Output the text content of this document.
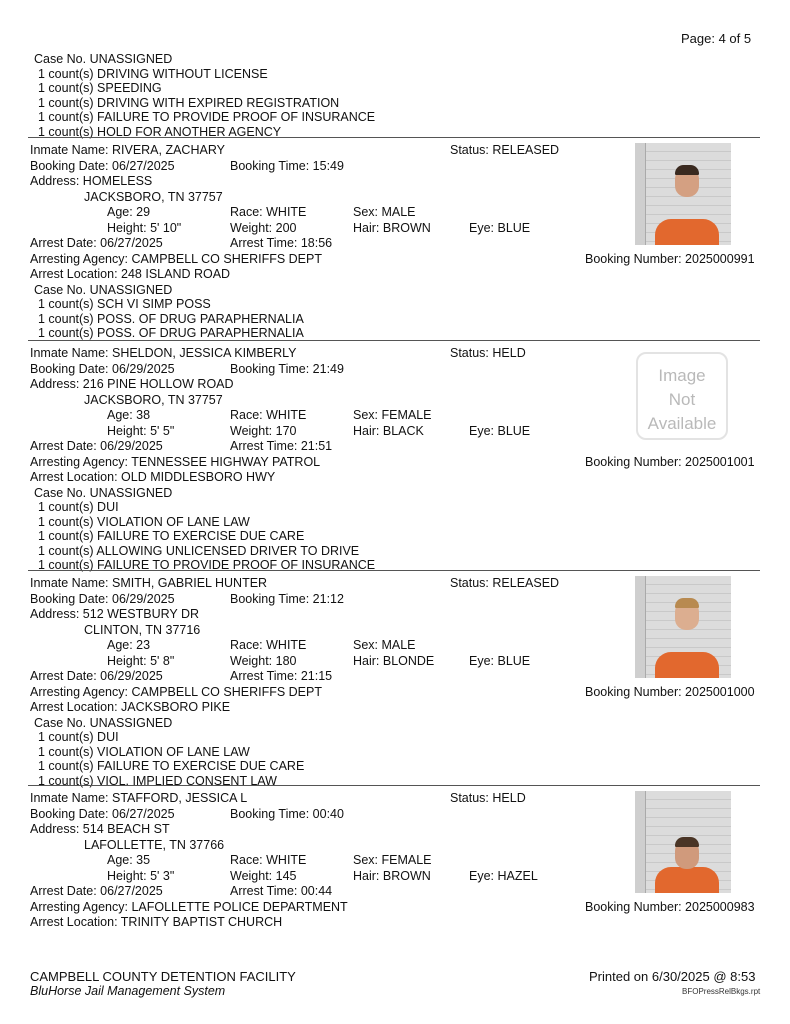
Page: 4 of 5
Case No. UNASSIGNED
1 count(s) DRIVING WITHOUT LICENSE
1 count(s) SPEEDING
1 count(s) DRIVING WITH EXPIRED REGISTRATION
1 count(s) FAILURE TO PROVIDE PROOF OF INSURANCE
1 count(s) HOLD FOR ANOTHER AGENCY
Inmate Name: RIVERA, ZACHARY	Status: RELEASED
Booking Date: 06/27/2025	Booking Time: 15:49
Address: HOMELESS
JACKSBORO, TN 37757
Age: 29	Race: WHITE	Sex: MALE
Height: 5' 10"	Weight: 200	Hair: BROWN	Eye: BLUE
Arrest Date: 06/27/2025	Arrest Time: 18:56
Arresting Agency: CAMPBELL CO SHERIFFS DEPT	Booking Number: 2025000991
Arrest Location: 248 ISLAND ROAD
Case No. UNASSIGNED
1 count(s) SCH VI SIMP POSS
1 count(s) POSS. OF DRUG PARAPHERNALIA
1 count(s) POSS. OF DRUG PARAPHERNALIA
Inmate Name: SHELDON, JESSICA KIMBERLY	Status: HELD
Booking Date: 06/29/2025	Booking Time: 21:49
Address: 216 PINE HOLLOW ROAD
JACKSBORO, TN 37757
Age: 38	Race: WHITE	Sex: FEMALE
Height: 5' 5"	Weight: 170	Hair: BLACK	Eye: BLUE
Arrest Date: 06/29/2025	Arrest Time: 21:51
Arresting Agency: TENNESSEE HIGHWAY PATROL	Booking Number: 2025001001
Arrest Location: OLD MIDDLESBORO HWY
Case No. UNASSIGNED
1 count(s) DUI
1 count(s) VIOLATION OF LANE LAW
1 count(s) FAILURE TO EXERCISE DUE CARE
1 count(s) ALLOWING UNLICENSED DRIVER TO DRIVE
1 count(s) FAILURE TO PROVIDE PROOF OF INSURANCE
Image
Not
Available
Inmate Name: SMITH, GABRIEL HUNTER	Status: RELEASED
Booking Date: 06/29/2025	Booking Time: 21:12
Address: 512 WESTBURY DR
CLINTON, TN 37716
Age: 23	Race: WHITE	Sex: MALE
Height: 5' 8"	Weight: 180	Hair: BLONDE	Eye: BLUE
Arrest Date: 06/29/2025	Arrest Time: 21:15
Arresting Agency: CAMPBELL CO SHERIFFS DEPT	Booking Number: 2025001000
Arrest Location: JACKSBORO PIKE
Case No. UNASSIGNED
1 count(s) DUI
1 count(s) VIOLATION OF LANE LAW
1 count(s) FAILURE TO EXERCISE DUE CARE
1 count(s) VIOL. IMPLIED CONSENT LAW
Inmate Name: STAFFORD, JESSICA L	Status: HELD
Booking Date: 06/27/2025	Booking Time: 00:40
Address: 514 BEACH ST
LAFOLLETTE, TN 37766
Age: 35	Race: WHITE	Sex: FEMALE
Height: 5' 3"	Weight: 145	Hair: BROWN	Eye: HAZEL
Arrest Date: 06/27/2025	Arrest Time: 00:44
Arresting Agency: LAFOLLETTE POLICE DEPARTMENT	Booking Number: 2025000983
Arrest Location: TRINITY BAPTIST CHURCH
CAMPBELL COUNTY DETENTION FACILITY
BluHorse Jail Management System
Printed on 6/30/2025 @ 8:53
BFOPressRelBkgs.rpt
